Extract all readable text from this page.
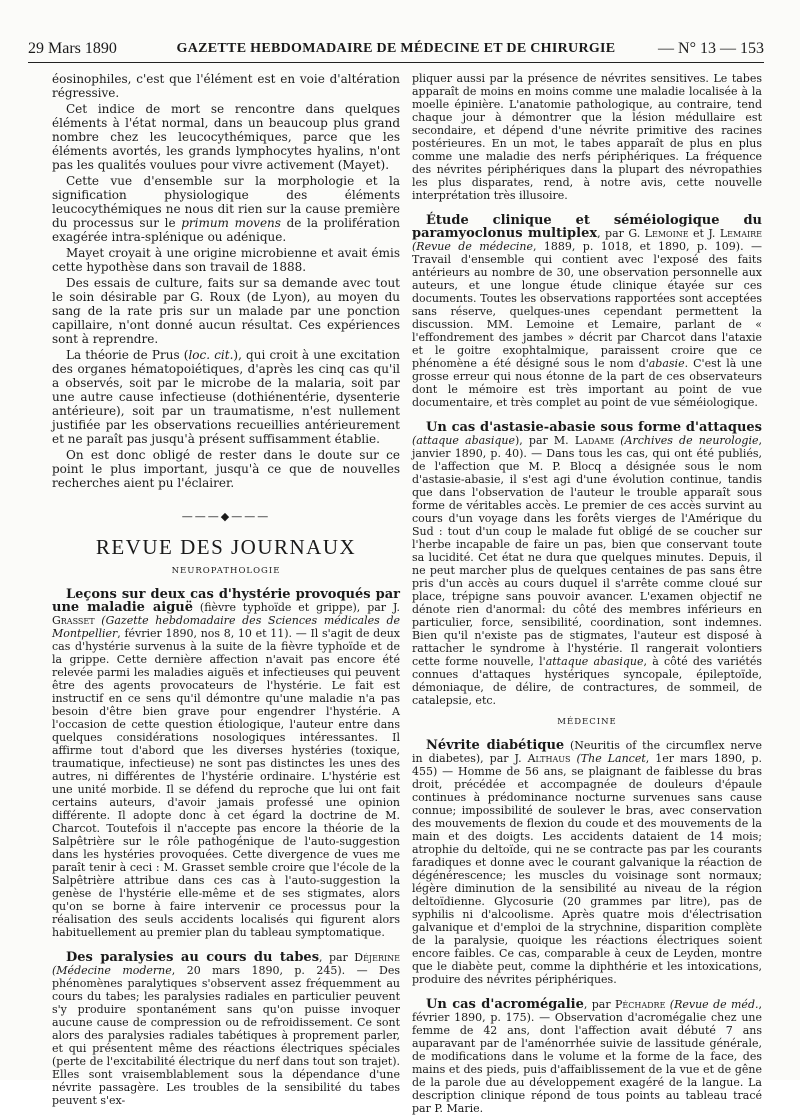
29 Mars 1890	GAZETTE HEBDOMADAIRE DE MÉDECINE ET DE CHIRURGIE	— N° 13 — 153

éosinophiles, c'est que l'élément est en voie d'altération régressive.

Cet indice de mort se rencontre dans quelques éléments à l'état normal, dans un beaucoup plus grand nombre chez les leucocythémiques, parce que les éléments avortés, les grands lymphocytes hyalins, n'ont pas les qualités voulues pour vivre activement (Mayet).

Cette vue d'ensemble sur la morphologie et la signification physiologique des éléments leucocythémiques ne nous dit rien sur la cause première du processus sur le primum movens de la prolifération exagérée intra-splénique ou adénique.

Mayet croyait à une origine microbienne et avait émis cette hypothèse dans son travail de 1888.

Des essais de culture, faits sur sa demande avec tout le soin désirable par G. Roux (de Lyon), au moyen du sang de la rate pris sur un malade par une ponction capillaire, n'ont donné aucun résultat. Ces expériences sont à reprendre.

La théorie de Prus (loc. cit.), qui croit à une excitation des organes hématopoiétiques, d'après les cinq cas qu'il a observés, soit par le microbe de la malaria, soit par une autre cause infectieuse (dothiénentérie, dysenterie antérieure), soit par un traumatisme, n'est nullement justifiée par les observations recueillies antérieurement et ne paraît pas jusqu'à présent suffisamment établie.

On est donc obligé de rester dans le doute sur ce point le plus important, jusqu'à ce que de nouvelles recherches aient pu l'éclairer.

———◆———
REVUE DES JOURNAUX
NEUROPATHOLOGIE

Leçons sur deux cas d'hystérie provoqués par une maladie aiguë (fièvre typhoïde et grippe), par J. Grasset (Gazette hebdomadaire des Sciences médicales de Montpellier, février 1890, nos 8, 10 et 11). — Il s'agit de deux cas d'hystérie survenus à la suite de la fièvre typhoïde et de la grippe. Cette dernière affection n'avait pas encore été relevée parmi les maladies aiguës et infectieuses qui peuvent être des agents provocateurs de l'hystérie. Le fait est instructif en ce sens qu'il démontre qu'une maladie n'a pas besoin d'être bien grave pour engendrer l'hystérie. A l'occasion de cette question étiologique, l'auteur entre dans quelques considérations nosologiques intéressantes. Il affirme tout d'abord que les diverses hystéries (toxique, traumatique, infectieuse) ne sont pas distinctes les unes des autres, ni différentes de l'hystérie ordinaire. L'hystérie est une unité morbide. Il se défend du reproche que lui ont fait certains auteurs, d'avoir jamais professé une opinion différente. Il adopte donc à cet égard la doctrine de M. Charcot. Toutefois il n'accepte pas encore la théorie de la Salpêtrière sur le rôle pathogénique de l'auto-suggestion dans les hystéries provoquées. Cette divergence de vues me paraît tenir à ceci : M. Grasset semble croire que l'école de la Salpêtrière attribue dans ces cas à l'auto-suggestion la genèse de l'hystérie elle-même et de ses stigmates, alors qu'on se borne à faire intervenir ce processus pour la réalisation des seuls accidents localisés qui figurent alors habituellement au premier plan du tableau symptomatique.

Des paralysies au cours du tabes, par Déjerine (Médecine moderne, 20 mars 1890, p. 245). — Des phénomènes paralytiques s'observent assez fréquemment au cours du tabes; les paralysies radiales en particulier peuvent s'y produire spontanément sans qu'on puisse invoquer aucune cause de compression ou de refroidissement. Ce sont alors des paralysies radiales tabétiques à proprement parler, et qui présentent même des réactions électriques spéciales (perte de l'excitabilité électrique du nerf dans tout son trajet). Elles sont vraisemblablement sous la dépendance d'une névrite passagère. Les troubles de la sensibilité du tabes peuvent s'ex-

pliquer aussi par la présence de névrites sensitives. Le tabes apparaît de moins en moins comme une maladie localisée à la moelle épinière. L'anatomie pathologique, au contraire, tend chaque jour à démontrer que la lésion médullaire est secondaire, et dépend d'une névrite primitive des racines postérieures. En un mot, le tabes apparaît de plus en plus comme une maladie des nerfs périphériques. La fréquence des névrites périphériques dans la plupart des névropathies les plus disparates, rend, à notre avis, cette nouvelle interprétation très illusoire.

Étude clinique et séméiologique du paramyoclonus multiplex, par G. Lemoine et J. Lemaire (Revue de médecine, 1889, p. 1018, et 1890, p. 109). — Travail d'ensemble qui contient avec l'exposé des faits antérieurs au nombre de 30, une observation personnelle aux auteurs, et une longue étude clinique étayée sur ces documents. Toutes les observations rapportées sont acceptées sans réserve, quelques-unes cependant permettent la discussion. MM. Lemoine et Lemaire, parlant de « l'effondrement des jambes » décrit par Charcot dans l'ataxie et le goitre exophtalmique, paraissent croire que ce phénomène a été désigné sous le nom d'abasie. C'est là une grosse erreur qui nous étonne de la part de ces observateurs dont le mémoire est très important au point de vue documentaire, et très complet au point de vue séméiologique.

Un cas d'astasie-abasie sous forme d'attaques (attaque abasique), par M. Ladame (Archives de neurologie, janvier 1890, p. 40). — Dans tous les cas, qui ont été publiés, de l'affection que M. P. Blocq a désignée sous le nom d'astasie-abasie, il s'est agi d'une évolution continue, tandis que dans l'observation de l'auteur le trouble apparaît sous forme de véritables accès. Le premier de ces accès survint au cours d'un voyage dans les forêts vierges de l'Amérique du Sud : tout d'un coup le malade fut obligé de se coucher sur l'herbe incapable de faire un pas, bien que conservant toute sa lucidité. Cet état ne dura que quelques minutes. Depuis, il ne peut marcher plus de quelques centaines de pas sans être pris d'un accès au cours duquel il s'arrête comme cloué sur place, trépigne sans pouvoir avancer. L'examen objectif ne dénote rien d'anormal: du côté des membres inférieurs en particulier, force, sensibilité, coordination, sont indemnes. Bien qu'il n'existe pas de stigmates, l'auteur est disposé à rattacher le syndrome à l'hystérie. Il rangerait volontiers cette forme nouvelle, l'attaque abasique, à côté des variétés connues d'attaques hystériques syncopale, épileptoïde, démoniaque, de délire, de contractures, de sommeil, de catalepsie, etc.

MÉDECINE

Névrite diabétique (Neuritis of the circumflex nerve in diabetes), par J. Althaus (The Lancet, 1er mars 1890, p. 455) — Homme de 56 ans, se plaignant de faiblesse du bras droit, précédée et accompagnée de douleurs d'épaule continues à prédominance nocturne survenues sans cause connue; impossibilité de soulever le bras, avec conservation des mouvements de flexion du coude et des mouvements de la main et des doigts. Les accidents dataient de 14 mois; atrophie du deltoïde, qui ne se contracte pas par les courants faradiques et donne avec le courant galvanique la réaction de dégénérescence; les muscles du voisinage sont normaux; légère diminution de la sensibilité au niveau de la région deltoïdienne. Glycosurie (20 grammes par litre), pas de syphilis ni d'alcoolisme. Après quatre mois d'électrisation galvanique et d'emploi de la strychnine, disparition complète de la paralysie, quoique les réactions électriques soient encore faibles. Ce cas, comparable à ceux de Leyden, montre que le diabète peut, comme la diphthérie et les intoxications, produire des névrites périphériques.

Un cas d'acromégalie, par Péchadre (Revue de méd., février 1890, p. 175). — Observation d'acromégalie chez une femme de 42 ans, dont l'affection avait débuté 7 ans auparavant par de l'aménorrhée suivie de lassitude générale, de modifications dans le volume et la forme de la face, des mains et des pieds, puis d'affaiblissement de la vue et de gêne de la parole due au développement exagéré de la langue. La description clinique répond de tous points au tableau tracé par P. Marie.
